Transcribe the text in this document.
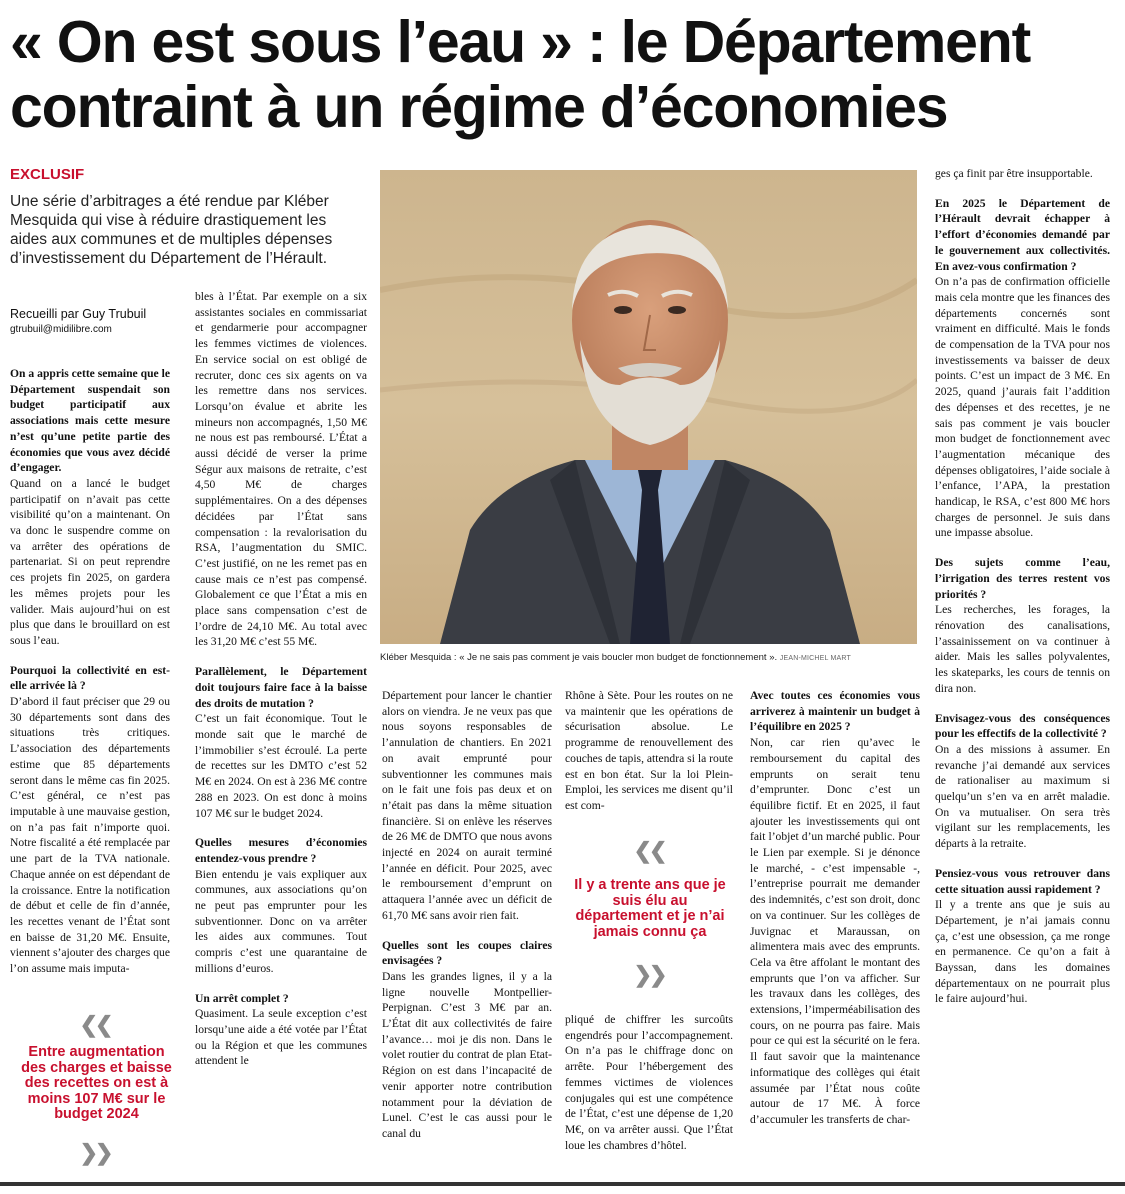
« On est sous l’eau » : le Département
contraint à un régime d’économies
EXCLUSIF
Une série d’arbitrages a été rendue par Kléber Mesquida qui vise à réduire drastiquement les aides aux communes et de multiples dépenses d’investissement du Département de l’Hérault.
Recueilli par Guy Trubuil
gtrubuil@midilibre.com
Kléber Mesquida : « Je ne sais pas comment je vais boucler mon budget de fonctionnement ». JEAN-MICHEL MART

On a appris cette semaine que le Département suspendait son budget participatif aux associations mais cette mesure n’est qu’une petite partie des économies que vous avez décidé d’engager.

Quand on a lancé le budget participatif on n’avait pas cette visibilité qu’on a maintenant. On va donc le suspendre comme on va arrêter des opérations de partenariat. Si on peut reprendre ces projets fin 2025, on gardera les mêmes projets pour les valider. Mais aujourd’hui on est plus que dans le brouillard on est sous l’eau.

Pourquoi la collectivité en est-elle arrivée là ?

D’abord il faut préciser que 29 ou 30 départements sont dans des situations très critiques. L’association des départements estime que 85 départements seront dans le même cas fin 2025. C’est général, ce n’est pas imputable à une mauvaise gestion, on n’a pas fait n’importe quoi. Notre fiscalité a été remplacée par une part de la TVA nationale. Chaque année on est dépendant de la croissance. Entre la notification de début et celle de fin d’année, les recettes venant de l’État sont en baisse de 31,20 M€. Ensuite, viennent s’ajouter des charges que l’on assume mais imputa-

❮❮
Entre augmentation des charges et baisse des recettes on est à moins 107 M€ sur le budget 2024
❯❯

bles à l’État. Par exemple on a six assistantes sociales en commissariat et gendarmerie pour accompagner les femmes victimes de violences. En service social on est obligé de recruter, donc ces six agents on va les remettre dans nos services. Lorsqu’on évalue et abrite les mineurs non accompagnés, 1,50 M€ ne nous est pas remboursé. L’État a aussi décidé de verser la prime Ségur aux maisons de retraite, c’est 4,50 M€ de charges supplémentaires. On a des dépenses décidées par l’État sans compensation : la revalorisation du RSA, l’augmentation du SMIC. C’est justifié, on ne les remet pas en cause mais ce n’est pas compensé. Globalement ce que l’État a mis en place sans compensation c’est de l’ordre de 24,10 M€. Au total avec les 31,20 M€ c’est 55 M€.

Parallèlement, le Département doit toujours faire face à la baisse des droits de mutation ?

C’est un fait économique. Tout le monde sait que le marché de l’immobilier s’est écroulé. La perte de recettes sur les DMTO c’est 52 M€ en 2024. On est à 236 M€ contre 288 en 2023. On est donc à moins 107 M€ sur le budget 2024.

Quelles mesures d’économies entendez-vous prendre ?

Bien entendu je vais expliquer aux communes, aux associations qu’on ne peut pas emprunter pour les subventionner. Donc on va arrêter les aides aux communes. Tout compris c’est une quarantaine de millions d’euros.

Un arrêt complet ?

Quasiment. La seule exception c’est lorsqu’une aide a été votée par l’État ou la Région et que les communes attendent le

Département pour lancer le chantier alors on viendra. Je ne veux pas que nous soyons responsables de l’annulation de chantiers. En 2021 on avait emprunté pour subventionner les communes mais on le fait une fois pas deux et on n’était pas dans la même situation financière. Si on enlève les réserves de 26 M€ de DMTO que nous avons injecté en 2024 on aurait terminé l’année en déficit. Pour 2025, avec le remboursement d’emprunt on attaquera l’année avec un déficit de 61,70 M€ sans avoir rien fait.

Quelles sont les coupes claires envisagées ?

Dans les grandes lignes, il y a la ligne nouvelle Montpellier-Perpignan. C’est 3 M€ par an. L’État dit aux collectivités de faire l’avance… moi je dis non. Dans le volet routier du contrat de plan Etat-Région on est dans l’incapacité de venir apporter notre contribution notamment pour la déviation de Lunel. C’est le cas aussi pour le canal du

Rhône à Sète. Pour les routes on ne va maintenir que les opérations de sécurisation absolue. Le programme de renouvellement des couches de tapis, attendra si la route est en bon état. Sur la loi Plein-Emploi, les services me disent qu’il est com-

❮❮
Il y a trente ans que je suis élu au département et je n’ai jamais connu ça
❯❯

pliqué de chiffrer les surcoûts engendrés pour l’accompagnement. On n’a pas le chiffrage donc on arrête. Pour l’hébergement des femmes victimes de violences conjugales qui est une compétence de l’État, c’est une dépense de 1,20 M€, on va arrêter aussi. Que l’État loue les chambres d’hôtel.

Avec toutes ces économies vous arriverez à maintenir un budget à l’équilibre en 2025 ?

Non, car rien qu’avec le remboursement du capital des emprunts on serait tenu d’emprunter. Donc c’est un équilibre fictif. Et en 2025, il faut ajouter les investissements qui ont fait l’objet d’un marché public. Pour le Lien par exemple. Si je dénonce le marché, - c’est impensable -, l’entreprise pourrait me demander des indemnités, c’est son droit, donc on va continuer. Sur les collèges de Juvignac et Maraussan, on alimentera mais avec des emprunts. Cela va être affolant le montant des emprunts que l’on va afficher. Sur les travaux dans les collèges, des extensions, l’imperméabilisation des cours, on ne pourra pas faire. Mais pour ce qui est la sécurité on le fera. Il faut savoir que la maintenance informatique des collèges qui était assumée par l’État nous coûte autour de 17 M€. À force d’accumuler les transferts de char-

ges ça finit par être insupportable.

En 2025 le Département de l’Hérault devrait échapper à l’effort d’économies demandé par le gouvernement aux collectivités. En avez-vous confirmation ?

On n’a pas de confirmation officielle mais cela montre que les finances des départements concernés sont vraiment en difficulté. Mais le fonds de compensation de la TVA pour nos investissements va baisser de deux points. C’est un impact de 3 M€. En 2025, quand j’aurais fait l’addition des dépenses et des recettes, je ne sais pas comment je vais boucler mon budget de fonctionnement avec l’augmentation mécanique des dépenses obligatoires, l’aide sociale à l’enfance, l’APA, la prestation handicap, le RSA, c’est 800 M€ hors charges de personnel. Je suis dans une impasse absolue.

Des sujets comme l’eau, l’irrigation des terres restent vos priorités ?

Les recherches, les forages, la rénovation des canalisations, l’assainissement on va continuer à aider. Mais les salles polyvalentes, les skateparks, les cours de tennis on dira non.

Envisagez-vous des conséquences pour les effectifs de la collectivité ?

On a des missions à assumer. En revanche j’ai demandé aux services de rationaliser au maximum si quelqu’un s’en va en arrêt maladie. On va mutualiser. On sera très vigilant sur les remplacements, les départs à la retraite.

Pensiez-vous vous retrouver dans cette situation aussi rapidement ?

Il y a trente ans que je suis au Département, je n’ai jamais connu ça, c’est une obsession, ça me ronge en permanence. Ce qu’on a fait à Bayssan, dans les domaines départementaux on ne pourrait plus le faire aujourd’hui.
